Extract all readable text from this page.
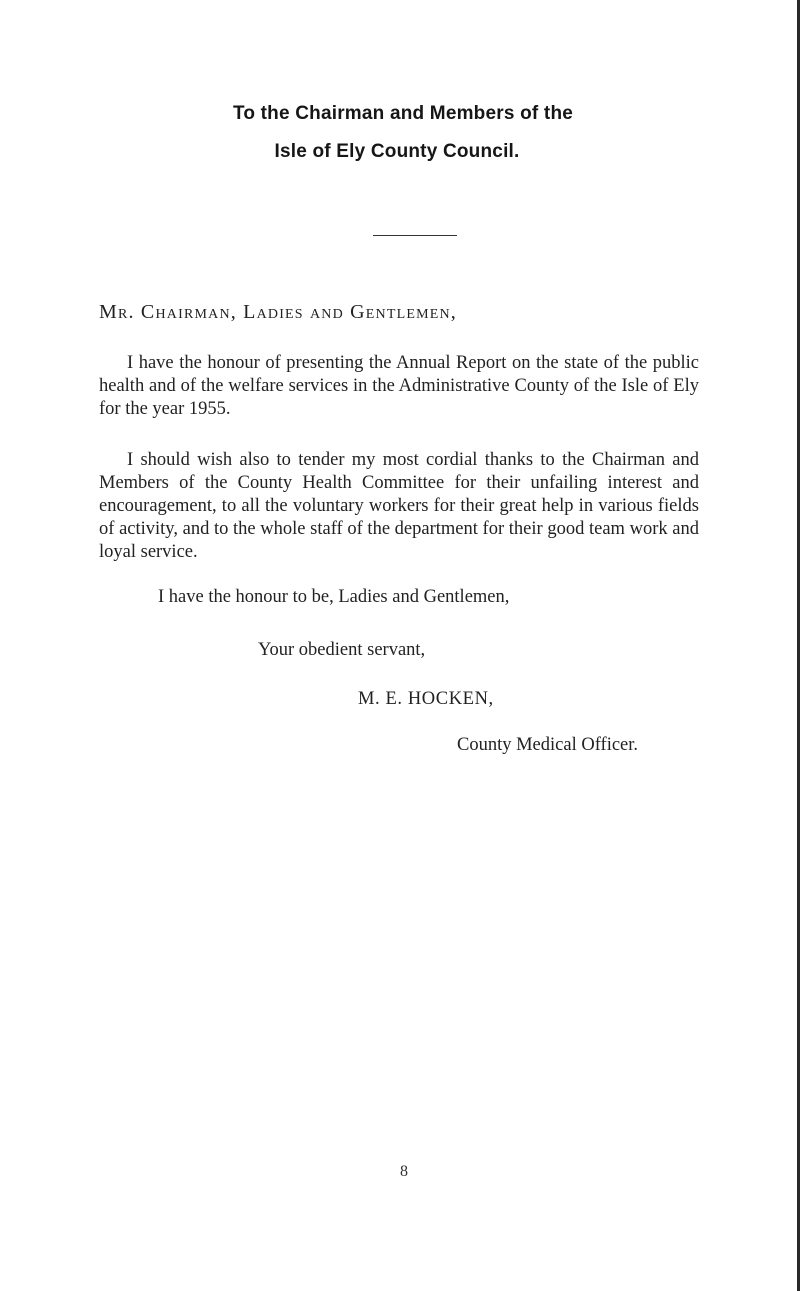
To the Chairman and Members of the
Isle of Ely County Council.
Mr. Chairman, Ladies and Gentlemen,

I have the honour of presenting the Annual Report on the state of the public health and of the welfare services in the Administrative County of the Isle of Ely for the year 1955.

I should wish also to tender my most cordial thanks to the Chairman and Members of the County Health Committee for their unfailing interest and encouragement, to all the voluntary workers for their great help in various fields of activity, and to the whole staff of the department for their good team work and loyal service.

I have the honour to be, Ladies and Gentlemen,
Your obedient servant,
M. E. HOCKEN,
County Medical Officer.
8
